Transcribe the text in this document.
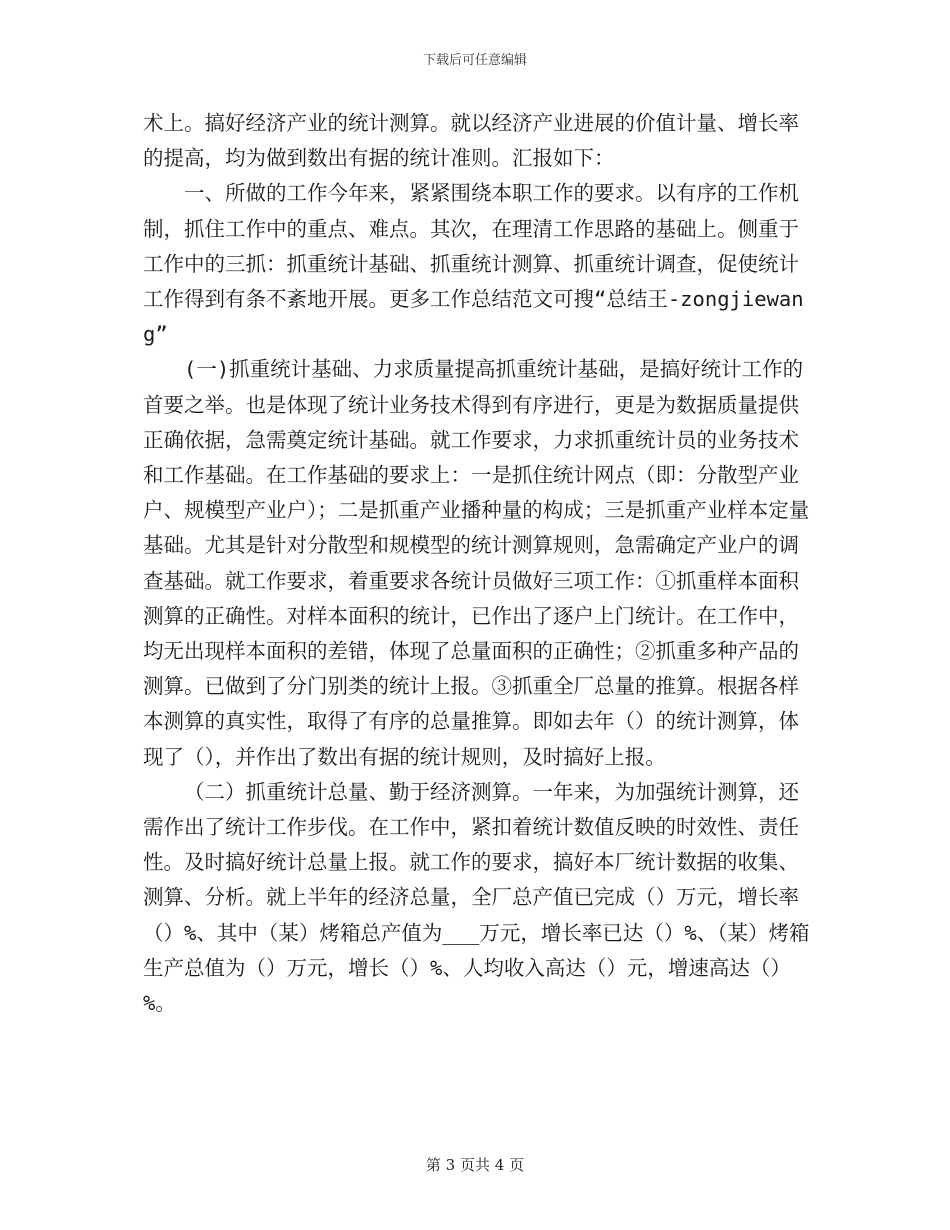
下载后可任意编辑

术上。搞好经济产业的统计测算。就以经济产业进展的价值计量、增长率的提高，均为做到数出有据的统计准则。汇报如下：

一、所做的工作今年来，紧紧围绕本职工作的要求。以有序的工作机制，抓住工作中的重点、难点。其次，在理清工作思路的基础上。侧重于工作中的三抓：抓重统计基础、抓重统计测算、抓重统计调查，促使统计工作得到有条不紊地开展。更多工作总结范文可搜“总结王-zongjiewang”

(一)抓重统计基础、力求质量提高抓重统计基础，是搞好统计工作的首要之举。也是体现了统计业务技术得到有序进行，更是为数据质量提供正确依据，急需奠定统计基础。就工作要求，力求抓重统计员的业务技术和工作基础。在工作基础的要求上：一是抓住统计网点（即：分散型产业户、规模型产业户）；二是抓重产业播种量的构成；三是抓重产业样本定量基础。尤其是针对分散型和规模型的统计测算规则，急需确定产业户的调查基础。就工作要求，着重要求各统计员做好三项工作：①抓重样本面积测算的正确性。对样本面积的统计，已作出了逐户上门统计。在工作中，均无出现样本面积的差错，体现了总量面积的正确性；②抓重多种产品的测算。已做到了分门别类的统计上报。③抓重全厂总量的推算。根据各样本测算的真实性，取得了有序的总量推算。即如去年（）的统计测算，体现了（），并作出了数出有据的统计规则，及时搞好上报。

（二）抓重统计总量、勤于经济测算。一年来，为加强统计测算，还需作出了统计工作步伐。在工作中，紧扣着统计数值反映的时效性、责任性。及时搞好统计总量上报。就工作的要求，搞好本厂统计数据的收集、测算、分析。就上半年的经济总量，全厂总产值已完成（）万元，增长率（）%、其中（某）烤箱总产值为___万元，增长率已达（）%、（某）烤箱生产总值为（）万元，增长（）%、人均收入高达（）元，增速高达（）%。

第 3 页共 4 页
